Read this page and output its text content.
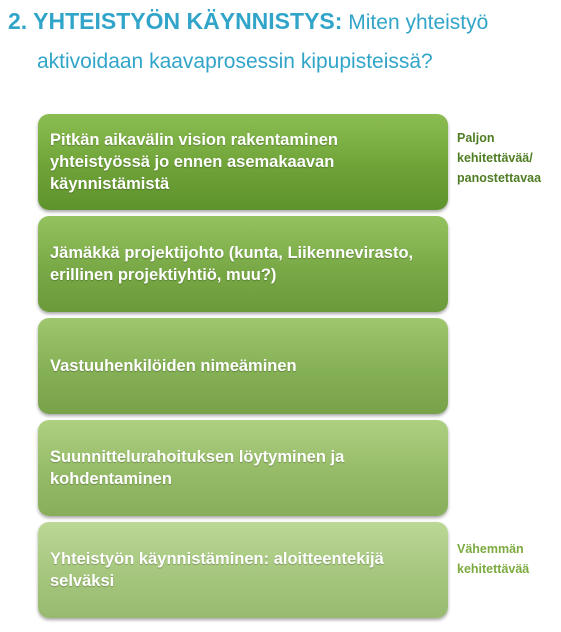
2. YHTEISTYÖN KÄYNNISTYS: Miten yhteistyö
aktivoidaan kaavaprosessin kipupisteissä?
Pitkän aikavälin vision rakentaminen yhteistyössä jo ennen asemakaavan käynnistämistä
Jämäkkä projektijohto (kunta, Liikennevirasto, erillinen projektiyhtiö, muu?)
Vastuuhenkilöiden nimeäminen
Suunnittelurahoituksen löytyminen ja kohdentaminen
Yhteistyön käynnistäminen: aloitteentekijä selväksi
Paljon kehitettävää/ panostettavaa
Vähemmän kehitettävää
